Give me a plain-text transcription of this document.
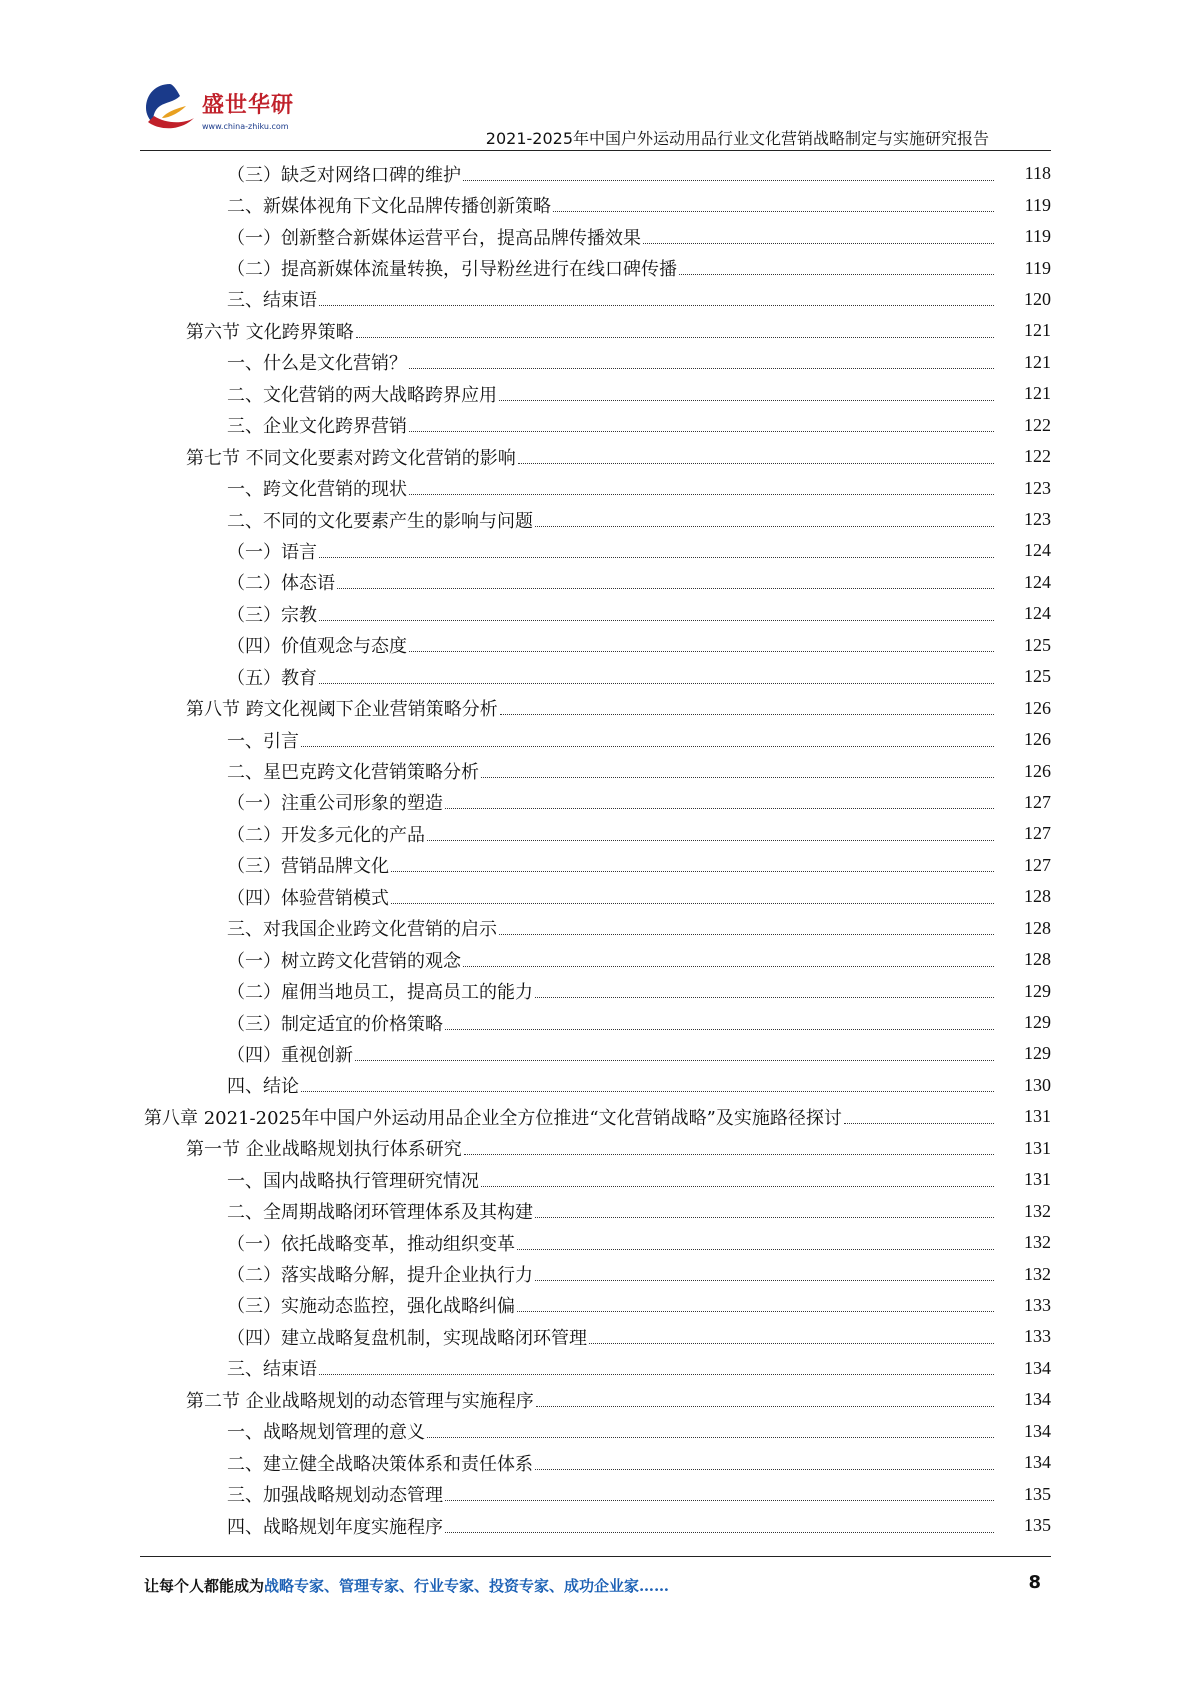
盛世华研
www.china-zhiku.com
2021-2025年中国户外运动用品行业文化营销战略制定与实施研究报告
（三）缺乏对网络口碑的维护	118
二、新媒体视角下文化品牌传播创新策略	119
（一）创新整合新媒体运营平台，提高品牌传播效果	119
（二）提高新媒体流量转换，引导粉丝进行在线口碑传播	119
三、结束语	120
第六节 文化跨界策略	121
一、什么是文化营销？	121
二、文化营销的两大战略跨界应用	121
三、企业文化跨界营销	122
第七节 不同文化要素对跨文化营销的影响	122
一、跨文化营销的现状	123
二、不同的文化要素产生的影响与问题	123
（一）语言	124
（二）体态语	124
（三）宗教	124
（四）价值观念与态度	125
（五）教育	125
第八节 跨文化视阈下企业营销策略分析	126
一、引言	126
二、星巴克跨文化营销策略分析	126
（一）注重公司形象的塑造	127
（二）开发多元化的产品	127
（三）营销品牌文化	127
（四）体验营销模式	128
三、对我国企业跨文化营销的启示	128
（一）树立跨文化营销的观念	128
（二）雇佣当地员工，提高员工的能力	129
（三）制定适宜的价格策略	129
（四）重视创新	129
四、结论	130
第八章 2021-2025年中国户外运动用品企业全方位推进“文化营销战略”及实施路径探讨	131
第一节 企业战略规划执行体系研究	131
一、国内战略执行管理研究情况	131
二、全周期战略闭环管理体系及其构建	132
（一）依托战略变革，推动组织变革	132
（二）落实战略分解，提升企业执行力	132
（三）实施动态监控，强化战略纠偏	133
（四）建立战略复盘机制，实现战略闭环管理	133
三、结束语	134
第二节 企业战略规划的动态管理与实施程序	134
一、战略规划管理的意义	134
二、建立健全战略决策体系和责任体系	134
三、加强战略规划动态管理	135
四、战略规划年度实施程序	135
让每个人都能成为战略专家、管理专家、行业专家、投资专家、成功企业家……	8
